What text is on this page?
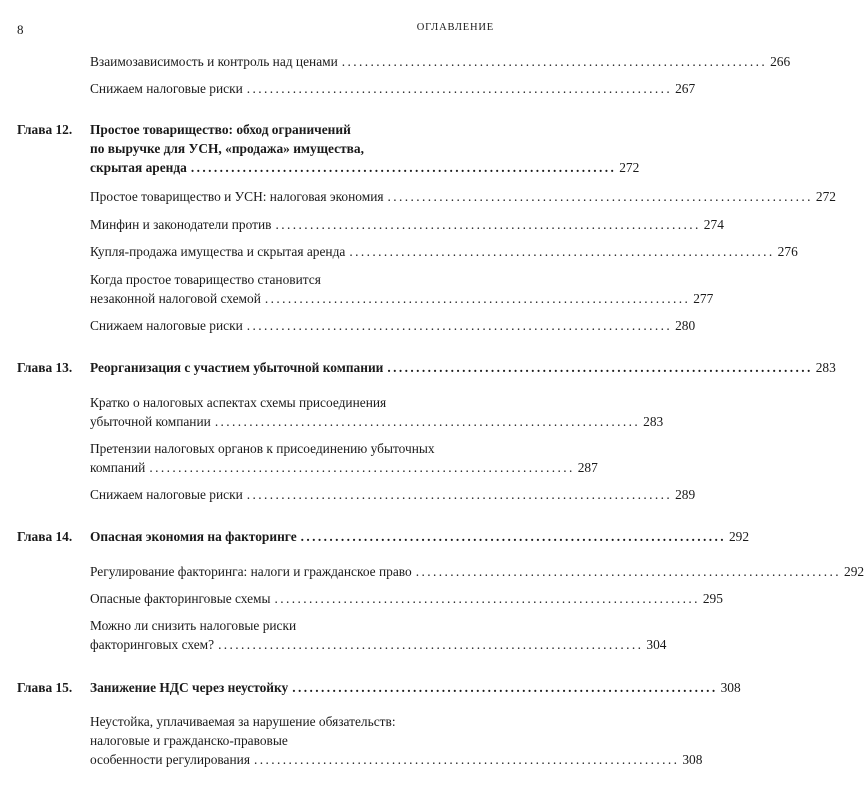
8	ОГЛАВЛЕНИЕ
Взаимозависимость и контроль над ценами .......................................................................... 266
Снижаем налоговые риски .......................................................................... 267
Глава 12. Простое товарищество: обход ограничений
по выручке для УСН, «продажа» имущества,
скрытая аренда .......................................................................... 272
Простое товарищество и УСН: налоговая экономия .......................................................................... 272
Минфин и законодатели против .......................................................................... 274
Купля-продажа имущества и скрытая аренда .......................................................................... 276
Когда простое товарищество становится
незаконной налоговой схемой .......................................................................... 277
Снижаем налоговые риски .......................................................................... 280
Глава 13. Реорганизация с участием убыточной компании .......................................................................... 283
Кратко о налоговых аспектах схемы присоединения
убыточной компании .......................................................................... 283
Претензии налоговых органов к присоединению убыточных
компаний .......................................................................... 287
Снижаем налоговые риски .......................................................................... 289
Глава 14. Опасная экономия на факторинге .......................................................................... 292
Регулирование факторинга: налоги и гражданское право .......................................................................... 292
Опасные факторинговые схемы .......................................................................... 295
Можно ли снизить налоговые риски
факторинговых схем? .......................................................................... 304
Глава 15. Занижение НДС через неустойку .......................................................................... 308
Неустойка, уплачиваемая за нарушение обязательств:
налоговые и гражданско-правовые
особенности регулирования .......................................................................... 308
